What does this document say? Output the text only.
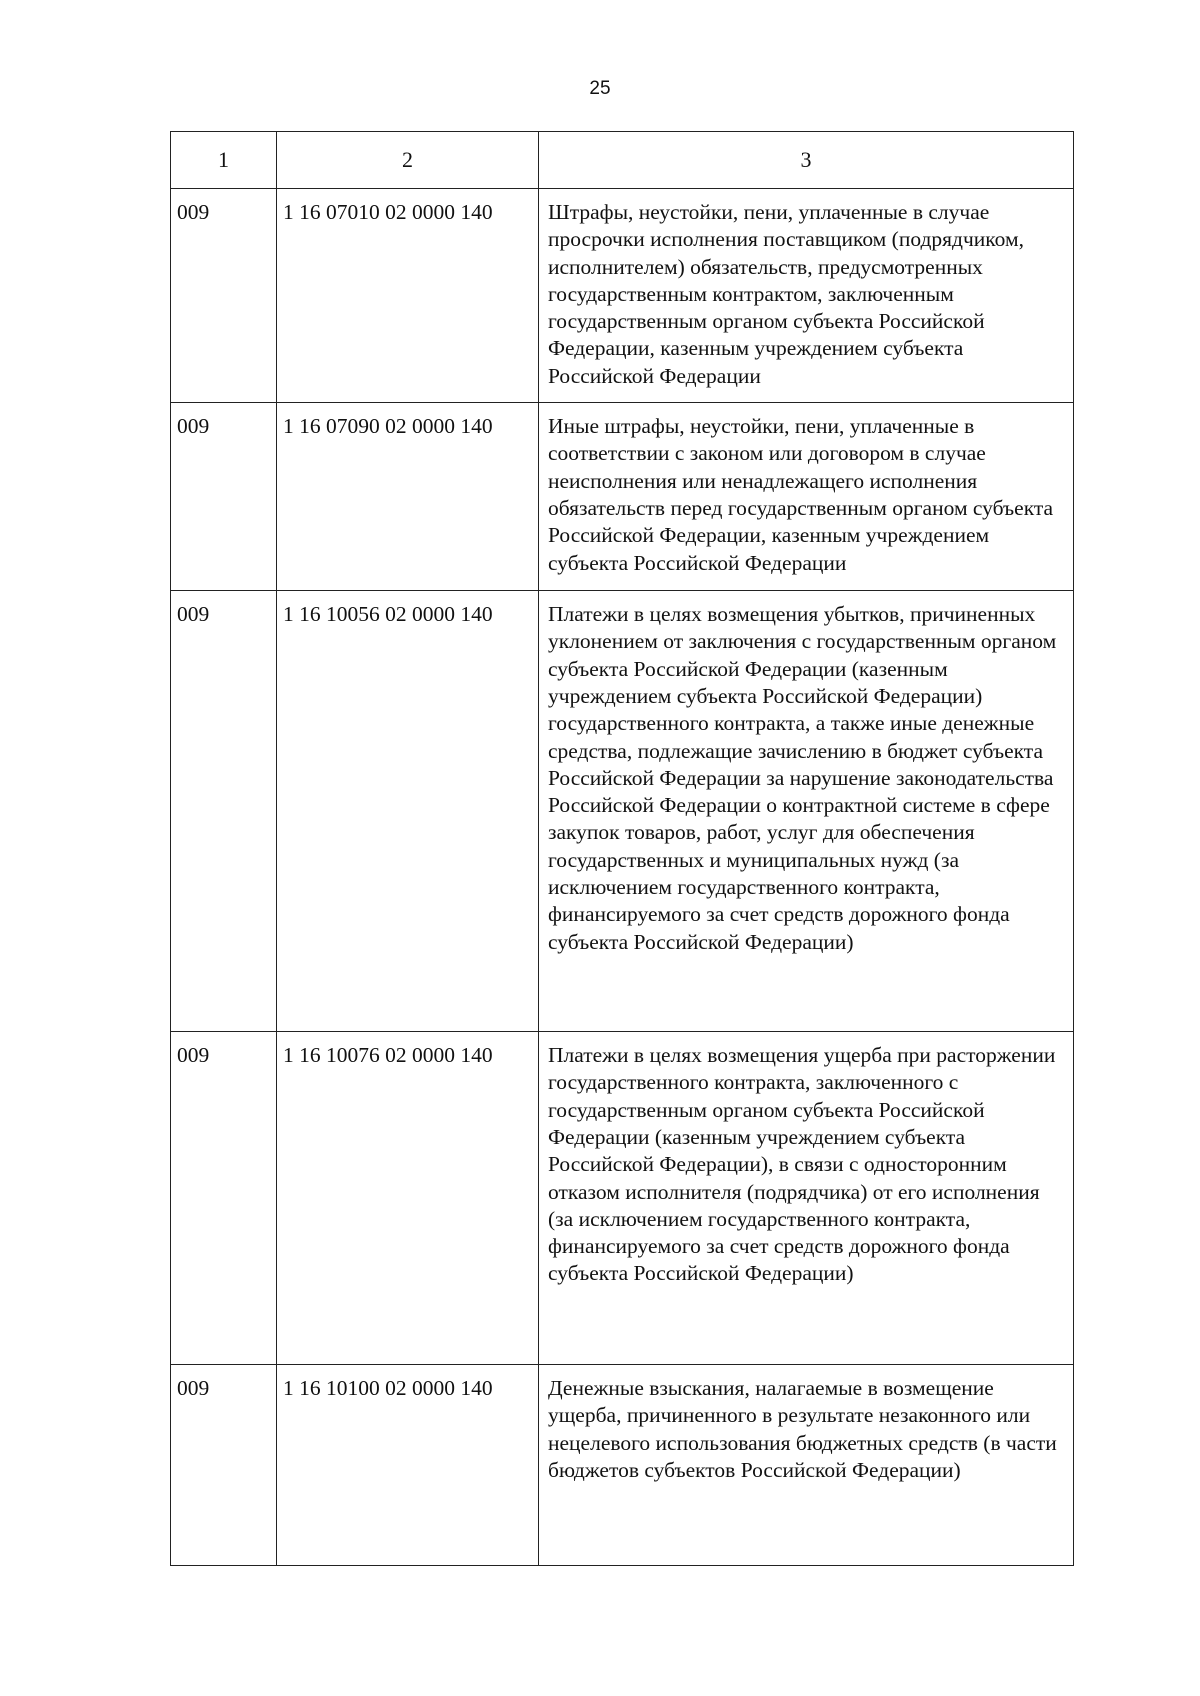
25
1	2	3
009	1 16 07010 02 0000 140	Штрафы, неустойки, пени, уплаченные в случае просрочки исполнения поставщиком (подрядчиком, исполнителем) обязательств, предусмотренных государственным контрактом, заключенным государственным органом субъекта Российской Федерации, казенным учреждением субъекта Российской Федерации
009	1 16 07090 02 0000 140	Иные штрафы, неустойки, пени, уплаченные в соответствии с законом или договором в случае неисполнения или ненадлежащего исполнения обязательств перед государственным органом субъекта Российской Федерации, казенным учреждением субъекта Российской Федерации
009	1 16 10056 02 0000 140	Платежи в целях возмещения убытков, причиненных уклонением от заключения с государственным органом субъекта Российской Федерации (казенным учреждением субъекта Российской Федерации) государственного контракта, а также иные денежные средства, подлежащие зачислению в бюджет субъекта Российской Федерации за нарушение законодательства Российской Федерации о контрактной системе в сфере закупок товаров, работ, услуг для обеспечения государственных и муниципальных нужд (за исключением государственного контракта, финансируемого за счет средств дорожного фонда субъекта Российской Федерации)
009	1 16 10076 02 0000 140	Платежи в целях возмещения ущерба при расторжении государственного контракта, заключенного с государственным органом субъекта Российской Федерации (казенным учреждением субъекта Российской Федерации), в связи с односторонним отказом исполнителя (подрядчика) от его исполнения (за исключением государственного контракта, финансируемого за счет средств дорожного фонда субъекта Российской Федерации)
009	1 16 10100 02 0000 140	Денежные взыскания, налагаемые в возмещение ущерба, причиненного в результате незаконного или нецелевого использования бюджетных средств (в части бюджетов субъектов Российской Федерации)
